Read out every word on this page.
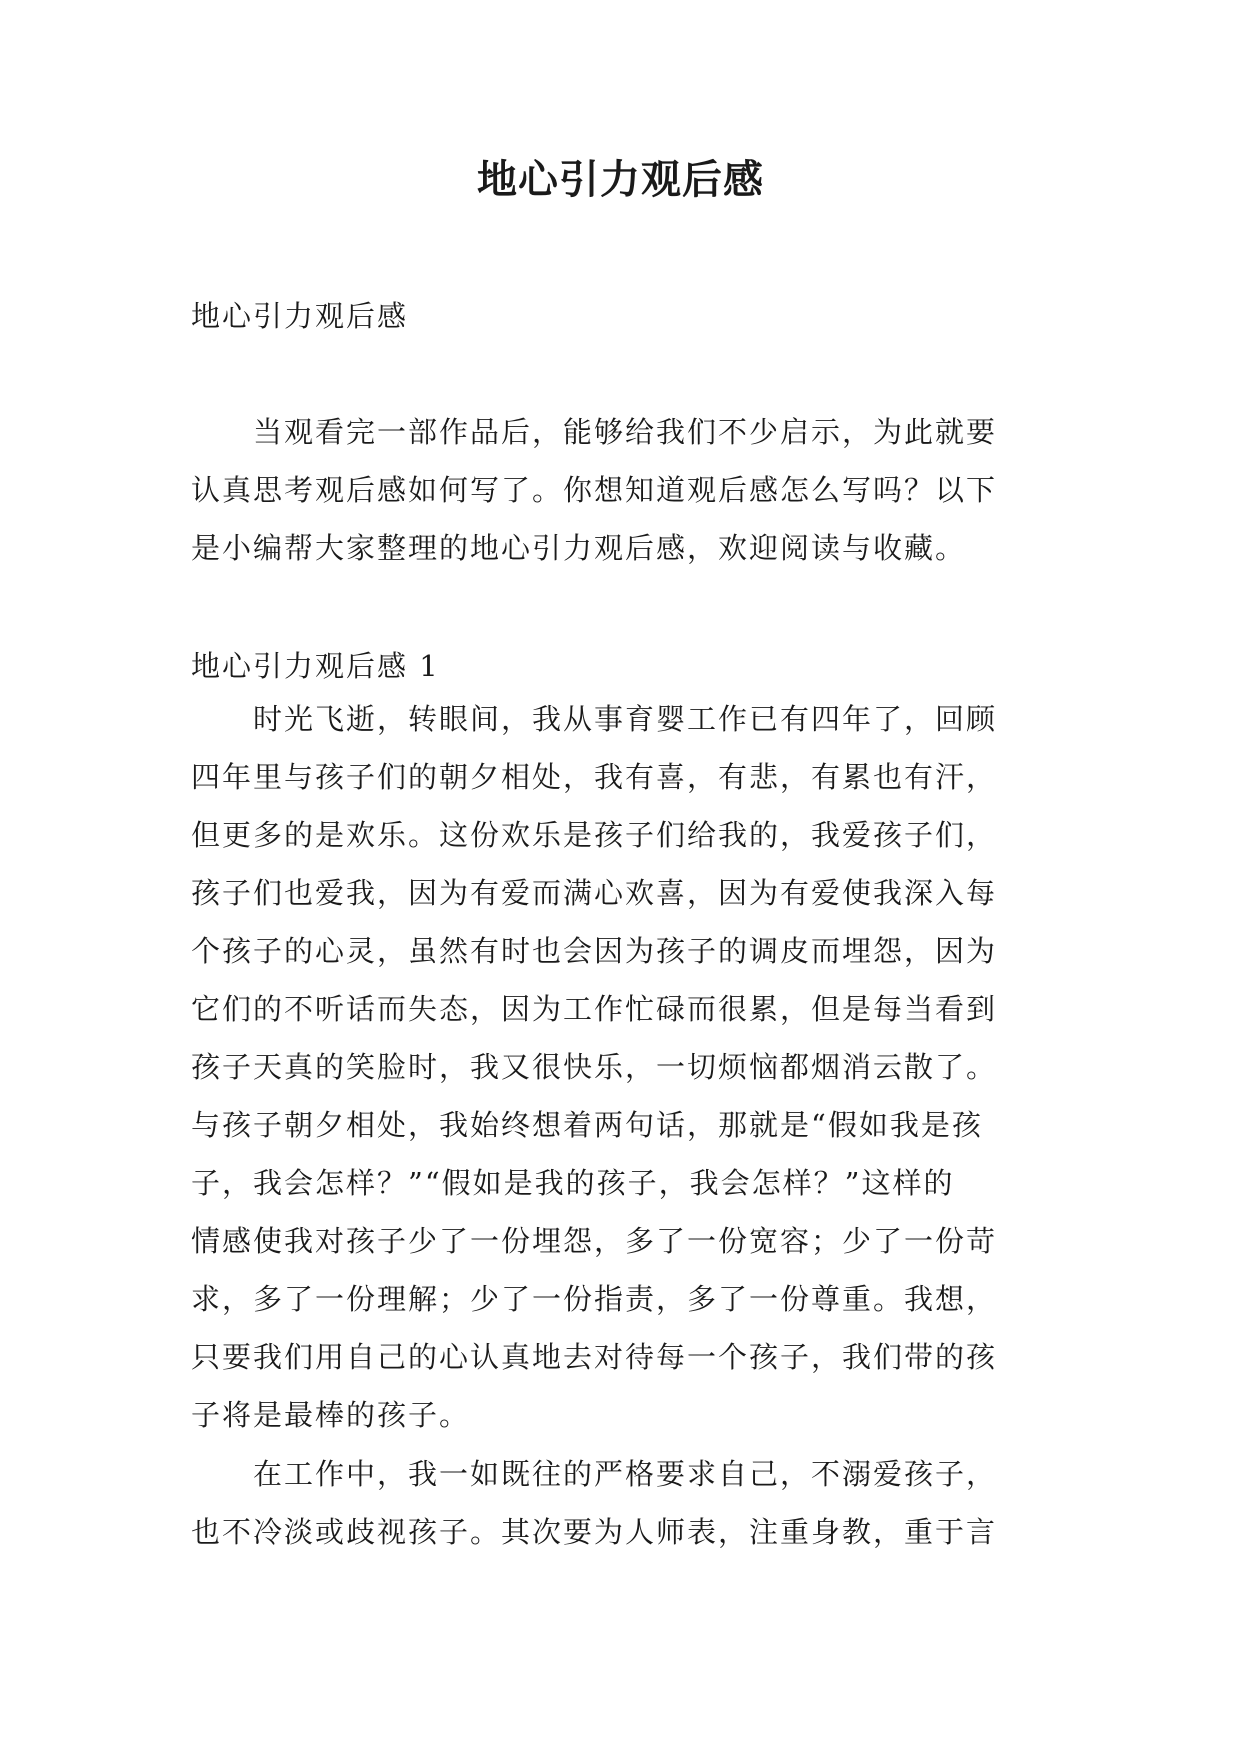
地心引力观后感
地心引力观后感
当观看完一部作品后，能够给我们不少启示，为此就要
认真思考观后感如何写了。你想知道观后感怎么写吗？以下
是小编帮大家整理的地心引力观后感，欢迎阅读与收藏。
地心引力观后感 1
时光飞逝，转眼间，我从事育婴工作已有四年了，回顾
四年里与孩子们的朝夕相处，我有喜，有悲，有累也有汗，
但更多的是欢乐。这份欢乐是孩子们给我的，我爱孩子们，
孩子们也爱我，因为有爱而满心欢喜，因为有爱使我深入每
个孩子的心灵，虽然有时也会因为孩子的调皮而埋怨，因为
它们的不听话而失态，因为工作忙碌而很累，但是每当看到
孩子天真的笑脸时，我又很快乐，一切烦恼都烟消云散了。
与孩子朝夕相处，我始终想着两句话，那就是“假如我是孩
子，我会怎样？”“假如是我的孩子，我会怎样？”这样的
情感使我对孩子少了一份埋怨，多了一份宽容；少了一份苛
求，多了一份理解；少了一份指责，多了一份尊重。我想，
只要我们用自己的心认真地去对待每一个孩子，我们带的孩
子将是最棒的孩子。
在工作中，我一如既往的严格要求自己，不溺爱孩子，
也不冷淡或歧视孩子。其次要为人师表，注重身教，重于言
